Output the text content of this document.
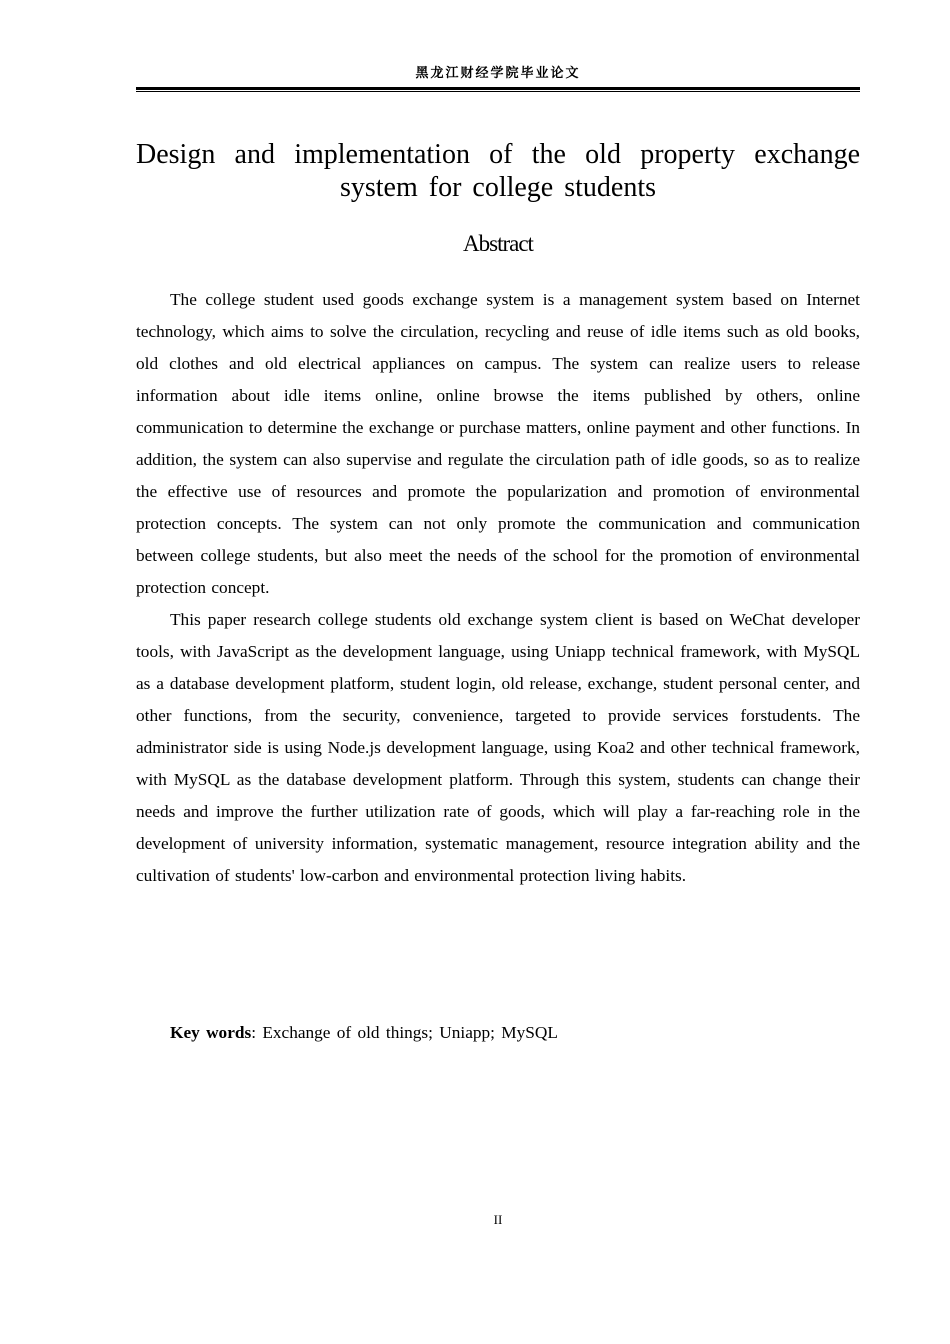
黑龙江财经学院毕业论文
Design and implementation of the old property exchange
system for college students
Abstract

The college student used goods exchange system is a management system based on Internet technology, which aims to solve the circulation, recycling and reuse of idle items such as old books, old clothes and old electrical appliances on campus. The system can realize users to release information about idle items online, online browse the items published by others, online communication to determine the exchange or purchase matters, online payment and other functions. In addition, the system can also supervise and regulate the circulation path of idle goods, so as to realize the effective use of resources and promote the popularization and promotion of environmental protection concepts. The system can not only promote the communication and communication between college students, but also meet the needs of the school for the promotion of environmental protection concept.

This paper research college students old exchange system client is based on WeChat developer tools, with JavaScript as the development language, using Uniapp technical framework, with MySQL as a database development platform, student login, old release, exchange, student personal center, and other functions, from the security, convenience, targeted to provide services forstudents. The administrator side is using Node.js development language, using Koa2 and other technical framework, with MySQL as the database development platform. Through this system, students can change their needs and improve the further utilization rate of goods, which will play a far-reaching role in the development of university information, systematic management, resource integration ability and the cultivation of students' low-carbon and environmental protection living habits.

Key words: Exchange of old things; Uniapp; MySQL
II
